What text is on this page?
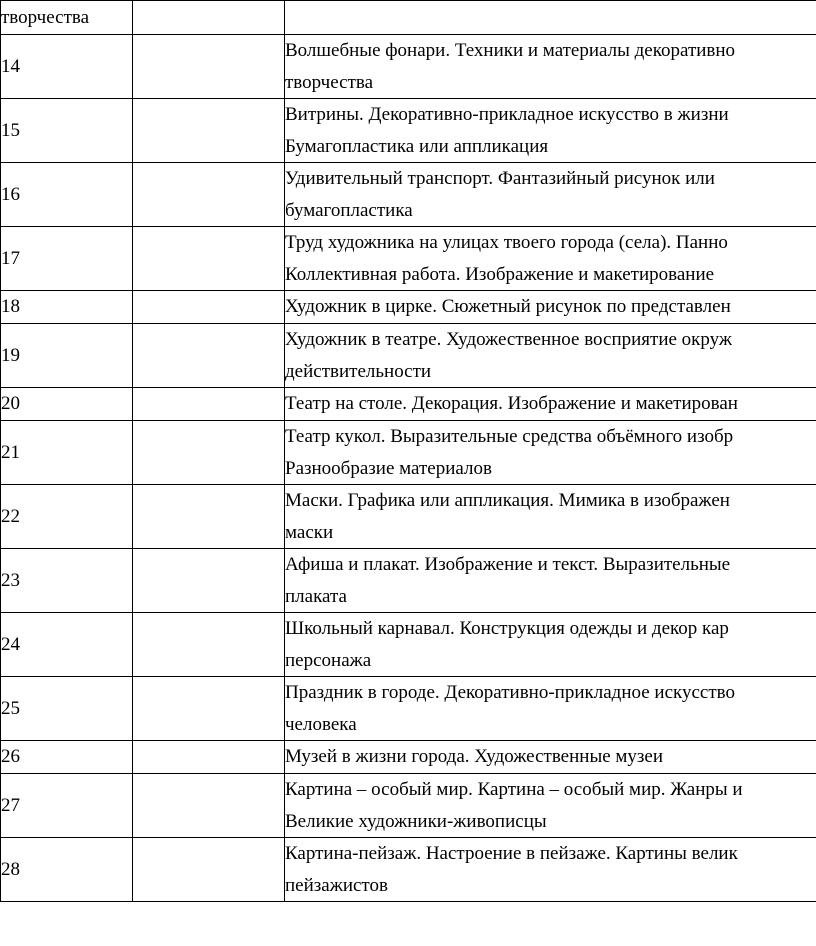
творчества		
14		Волшебные фонари. Техники и материалы декоративно
творчества

15		Витрины. Декоративно-прикладное искусство в жизни
Бумагопластика или аппликация

16		Удивительный транспорт. Фантазийный рисунок или
бумагопластика

17		Труд художника на улицах твоего города (села). Панно
Коллективная работа. Изображение и макетирование

18		Художник в цирке. Сюжетный рисунок по представлен

19		Художник в театре. Художественное восприятие окруж
действительности

20		Театр на столе. Декорация. Изображение и макетирован

21		Театр кукол. Выразительные средства объёмного изобр
Разнообразие материалов

22		Маски. Графика или аппликация. Мимика в изображен
маски

23		Афиша и плакат. Изображение и текст. Выразительные
плаката

24		Школьный карнавал. Конструкция одежды и декор кар
персонажа

25		Праздник в городе. Декоративно-прикладное искусство
человека

26		Музей в жизни города. Художественные музеи

27		Картина – особый мир. Картина – особый мир. Жанры и
Великие художники-живописцы

28		Картина-пейзаж. Настроение в пейзаже. Картины велик
пейзажистов
